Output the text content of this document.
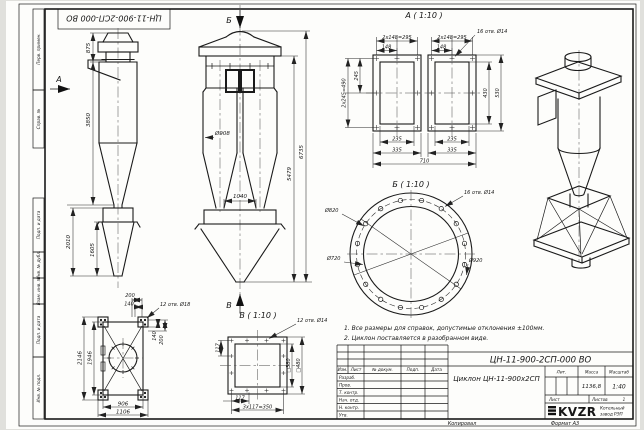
Перв. примен.
Справ. №
Подп. и дата
Инв. № дубл.
Взам. инв. №
Подп. и дата
Инв. № подл.
ЦН-11-900-2СП-000 ВО
875
3850
2010
1605
А
Б
В
Ø908
1040
5479
6735
А ( 1:10 )
2х148=295	2х148=295
148	148
245
2х245=490	430 530
235	235
335	335
710
16 отв. Ø14
Б ( 1:10 )
16 отв. Ø14
Ø820
Ø720	Ø920
200
140	12 отв. Ø18
140 200
2146 1946
906
1106
В ( 1:10 )
117
117
3х117=350
□380 □480
12 отв. Ø14
1. Все размеры для справок, допустимые отклонения ±100мм.
2. Циклон поставляется в разобранном виде.
ЦН-11-900-2СП-000 ВО
Циклон ЦН-11-900х2СП
Изм. Лист	№ докум.	Подп.	Дата
Разраб.
Пров.
Т. контр.
Нач. отд.
Н. контр.
Утв.
Лит.	Масса	Масштаб
1136,8 1:40
Лист	Листов	1
KVZR Котельный
завод РЭП
Копировал	Формат А3
